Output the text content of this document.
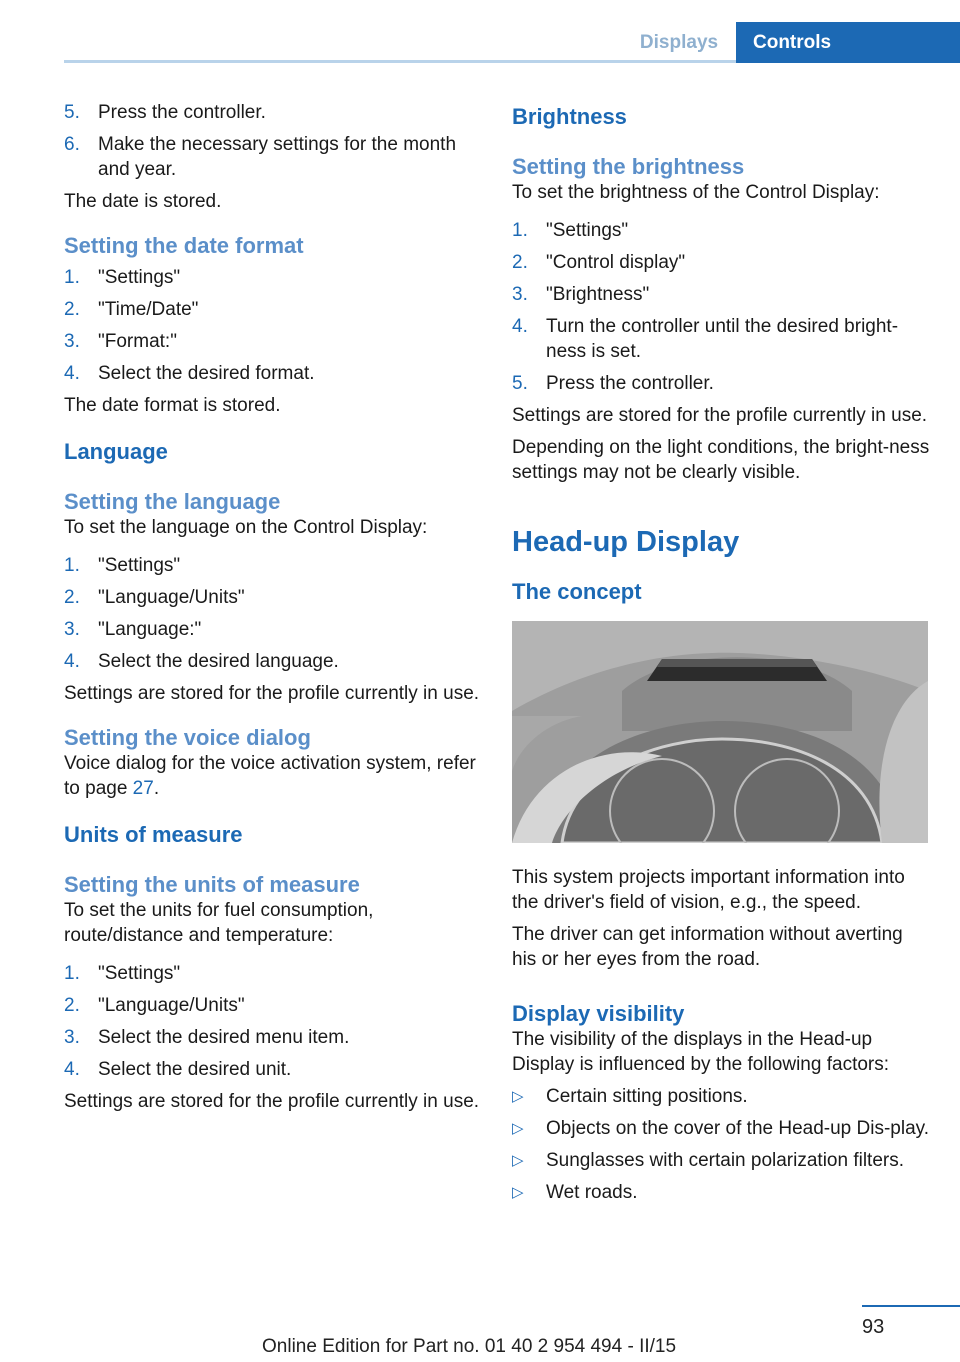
Displays	Controls
5. Press the controller.
6. Make the necessary settings for the month and year.

The date is stored.

Setting the date format
1. "Settings"
2. "Time/Date"
3. "Format:"
4. Select the desired format.

The date format is stored.

Language
Setting the language

To set the language on the Control Display:

1. "Settings"
2. "Language/Units"
3. "Language:"
4. Select the desired language.

Settings are stored for the profile currently in use.

Setting the voice dialog

Voice dialog for the voice activation system, refer to page 27.

Units of measure
Setting the units of measure

To set the units for fuel consumption, route/distance and temperature:

1. "Settings"
2. "Language/Units"
3. Select the desired menu item.
4. Select the desired unit.

Settings are stored for the profile currently in use.

Brightness
Setting the brightness

To set the brightness of the Control Display:

1. "Settings"
2. "Control display"
3. "Brightness"
4. Turn the controller until the desired bright‐ness is set.
5. Press the controller.

Settings are stored for the profile currently in use.

Depending on the light conditions, the bright‐ness settings may not be clearly visible.

Head-up Display
The concept

This system projects important information into the driver's field of vision, e.g., the speed.

The driver can get information without averting his or her eyes from the road.

Display visibility

The visibility of the displays in the Head-up Display is influenced by the following factors:

▷ Certain sitting positions.
▷ Objects on the cover of the Head-up Dis‐play.
▷ Sunglasses with certain polarization filters.
▷ Wet roads.
93
Online Edition for Part no. 01 40 2 954 494 - II/15
